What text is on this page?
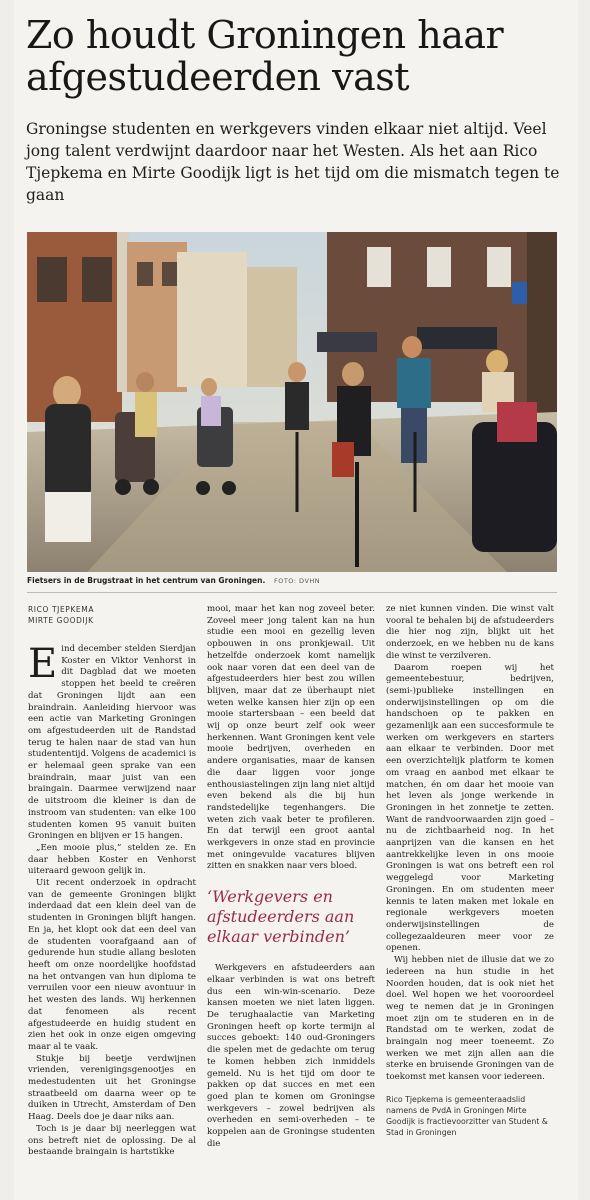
Zo houdt Groningen haar afgestudeerden vast

Groningse studenten en werkgevers vinden elkaar niet altijd. Veel jong talent verdwijnt daardoor naar het Westen. Als het aan Rico Tjepkema en Mirte Goodijk ligt is het tijd om die mismatch tegen te gaan

Fietsers in de Brugstraat in het centrum van Groningen. FOTO: DVHN
RICO TJEPKEMA
MIRTE GOODIJK

Eind december stelden Sierdjan Koster en Viktor Venhorst in dit Dagblad dat we moeten stoppen het beeld te creëren dat Groningen lijdt aan een braindrain. Aanleiding hiervoor was een actie van Marketing Groningen om afgestudeerden uit de Randstad terug te halen naar de stad van hun studententijd. Volgens de academici is er helemaal geen sprake van een braindrain, maar juist van een braingain. Daarmee verwijzend naar de uitstroom die kleiner is dan de instroom van studenten: van elke 100 studenten komen 95 vanuit buiten Groningen en blijven er 15 hangen.

„Een mooie plus,” stelden ze. En daar hebben Koster en Venhorst uiteraard gewoon gelijk in.

Uit recent onderzoek in opdracht van de gemeente Groningen blijkt inderdaad dat een klein deel van de studenten in Groningen blijft hangen. En ja, het klopt ook dat een deel van de studenten voorafgaand aan of gedurende hun studie allang besloten heeft om onze noordelijke hoofdstad na het ontvangen van hun diploma te verruilen voor een nieuw avontuur in het westen des lands. Wij herkennen dat fenomeen als recent afgestudeerde en huidig student en zien het ook in onze eigen omgeving maar al te vaak.

Stukje bij beetje verdwijnen vrienden, verenigingsgenootjes en medestudenten uit het Groningse straatbeeld om daarna weer op te duiken in Utrecht, Amsterdam of Den Haag. Deels doe je daar niks aan.

Toch is je daar bij neerleggen wat ons betreft niet de oplossing. De al bestaande braingain is hartstikke

mooi, maar het kan nog zoveel beter. Zoveel meer jong talent kan na hun studie een mooi en gezellig leven opbouwen in ons pronkjewail. Uit hetzelfde onderzoek komt namelijk ook naar voren dat een deel van de afgestudeerders hier best zou willen blijven, maar dat ze überhaupt niet weten welke kansen hier zijn op een mooie startersbaan – een beeld dat wij op onze beurt zelf ook weer herkennen. Want Groningen kent vele mooie bedrijven, overheden en andere organisaties, maar de kansen die daar liggen voor jonge enthousiastelingen zijn lang niet altijd even bekend als die bij hun randstedelijke tegenhangers. Die weten zich vaak beter te profileren. En dat terwijl een groot aantal werkgevers in onze stad en provincie met oningevulde vacatures blijven zitten en snakken naar vers bloed.

‘Werkgevers en afstudeerders aan elkaar verbinden’

Werkgevers en afstudeerders aan elkaar verbinden is wat ons betreft dus een win-win-scenario. Deze kansen moeten we niet laten liggen. De terughaalactie van Marketing Groningen heeft op korte termijn al succes geboekt: 140 oud-Groningers die spelen met de gedachte om terug te komen hebben zich inmiddels gemeld. Nu is het tijd om door te pakken op dat succes en met een goed plan te komen om Groningse werkgevers – zowel bedrijven als overheden en semi-overheden – te koppelen aan de Groningse studenten die

ze niet kunnen vinden. Die winst valt vooral te behalen bij de afstudeerders die hier nog zijn, blijkt uit het onderzoek, en we hebben nu de kans die winst te verzilveren.

Daarom roepen wij het gemeentebestuur, bedrijven, (semi-)publieke instellingen en onderwijsinstellingen op om die handschoen op te pakken en gezamenlijk aan een succesformule te werken om werkgevers en starters aan elkaar te verbinden. Door met een overzichtelijk platform te komen om vraag en aanbod met elkaar te matchen, én om daar het mooie van het leven als jonge werkende in Groningen in het zonnetje te zetten. Want de randvoorwaarden zijn goed – nu de zichtbaarheid nog. In het aanprijzen van die kansen en het aantrekkelijke leven in ons mooie Groningen is wat ons betreft een rol weggelegd voor Marketing Groningen. En om studenten meer kennis te laten maken met lokale en regionale werkgevers moeten onderwijsinstellingen de collegezaaldeuren meer voor ze openen.

Wij hebben niet de illusie dat we zo iedereen na hun studie in het Noorden houden, dat is ook niet het doel. Wel hopen we het vooroordeel weg te nemen dat je in Groningen moet zijn om te studeren en in de Randstad om te werken, zodat de braingain nog meer toeneemt. Zo werken we met zijn allen aan die sterke en bruisende Groningen van de toekomst met kansen voor iedereen.

Rico Tjepkema is gemeenteraadslid namens de PvdA in Groningen Mirte Goodijk is fractievoorzitter van Student & Stad in Groningen
